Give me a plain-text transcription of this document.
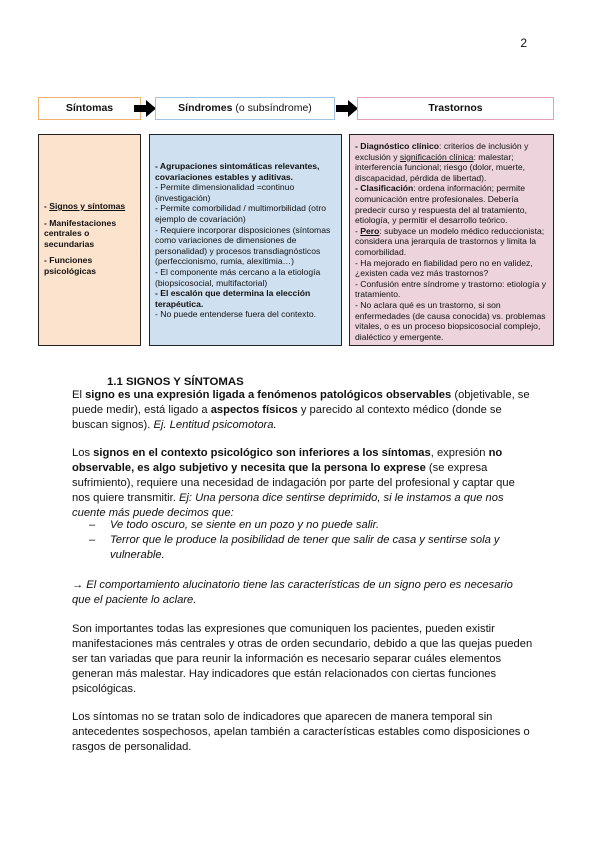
2
Síntomas	Síndromes (o subsíndrome)	Trastornos

- Signos y síntomas

- Manifestaciones centrales o secundarias

- Funciones psicológicas

- Agrupaciones sintomáticas relevantes, covariaciones estables y aditivas.

- Permite dimensionalidad =continuo (investigación)

- Permite comorbilidad / multimorbilidad (otro ejemplo de covariación)

- Requiere incorporar disposiciones (síntomas como variaciones de dimensiones de personalidad) y procesos transdiagnósticos (perfeccionismo, rumia, alexitimia…)

- El componente más cercano a la etiología (biopsicosocial, multifactorial)

- El escalón que determina la elección terapéutica.

- No puede entenderse fuera del contexto.

- Diagnóstico clínico: criterios de inclusión y exclusión y significación clínica: malestar; interferencia funcional; riesgo (dolor, muerte, discapacidad, pérdida de libertad).

- Clasificación: ordena información; permite comunicación entre profesionales. Debería predecir curso y respuesta del al tratamiento, etiología, y permitir el desarrollo teórico.

- Pero: subyace un modelo médico reduccionista; considera una jerarquía de trastornos y limita la comorbilidad.

- Ha mejorado en fiabilidad pero no en validez, ¿existen cada vez más trastornos?

- Confusión entre síndrome y trastorno: etiología y tratamiento.

- No aclara qué es un trastorno, si son enfermedades (de causa conocida) vs. problemas vitales, o es un proceso biopsicosocial complejo, dialéctico y emergente.

1.1 SIGNOS Y SÍNTOMAS

El signo es una expresión ligada a fenómenos patológicos observables (objetivable, se puede medir), está ligado a aspectos físicos y parecido al contexto médico (donde se buscan signos). Ej. Lentitud psicomotora.

Los signos en el contexto psicológico son inferiores a los síntomas, expresión no observable, es algo subjetivo y necesita que la persona lo exprese (se expresa sufrimiento), requiere una necesidad de indagación por parte del profesional y captar que nos quiere transmitir. Ej: Una persona dice sentirse deprimido, si le instamos a que nos cuente más puede decimos que:

– Ve todo oscuro, se siente en un pozo y no puede salir.
– Terror que le produce la posibilidad de tener que salir de casa y sentirse sola y vulnerable.

→ El comportamiento alucinatorio tiene las características de un signo pero es necesario que el paciente lo aclare.

Son importantes todas las expresiones que comuniquen los pacientes, pueden existir manifestaciones más centrales y otras de orden secundario, debido a que las quejas pueden ser tan variadas que para reunir la información es necesario separar cuáles elementos generan más malestar. Hay indicadores que están relacionados con ciertas funciones psicológicas.

Los síntomas no se tratan solo de indicadores que aparecen de manera temporal sin antecedentes sospechosos, apelan también a características estables como disposiciones o rasgos de personalidad.
